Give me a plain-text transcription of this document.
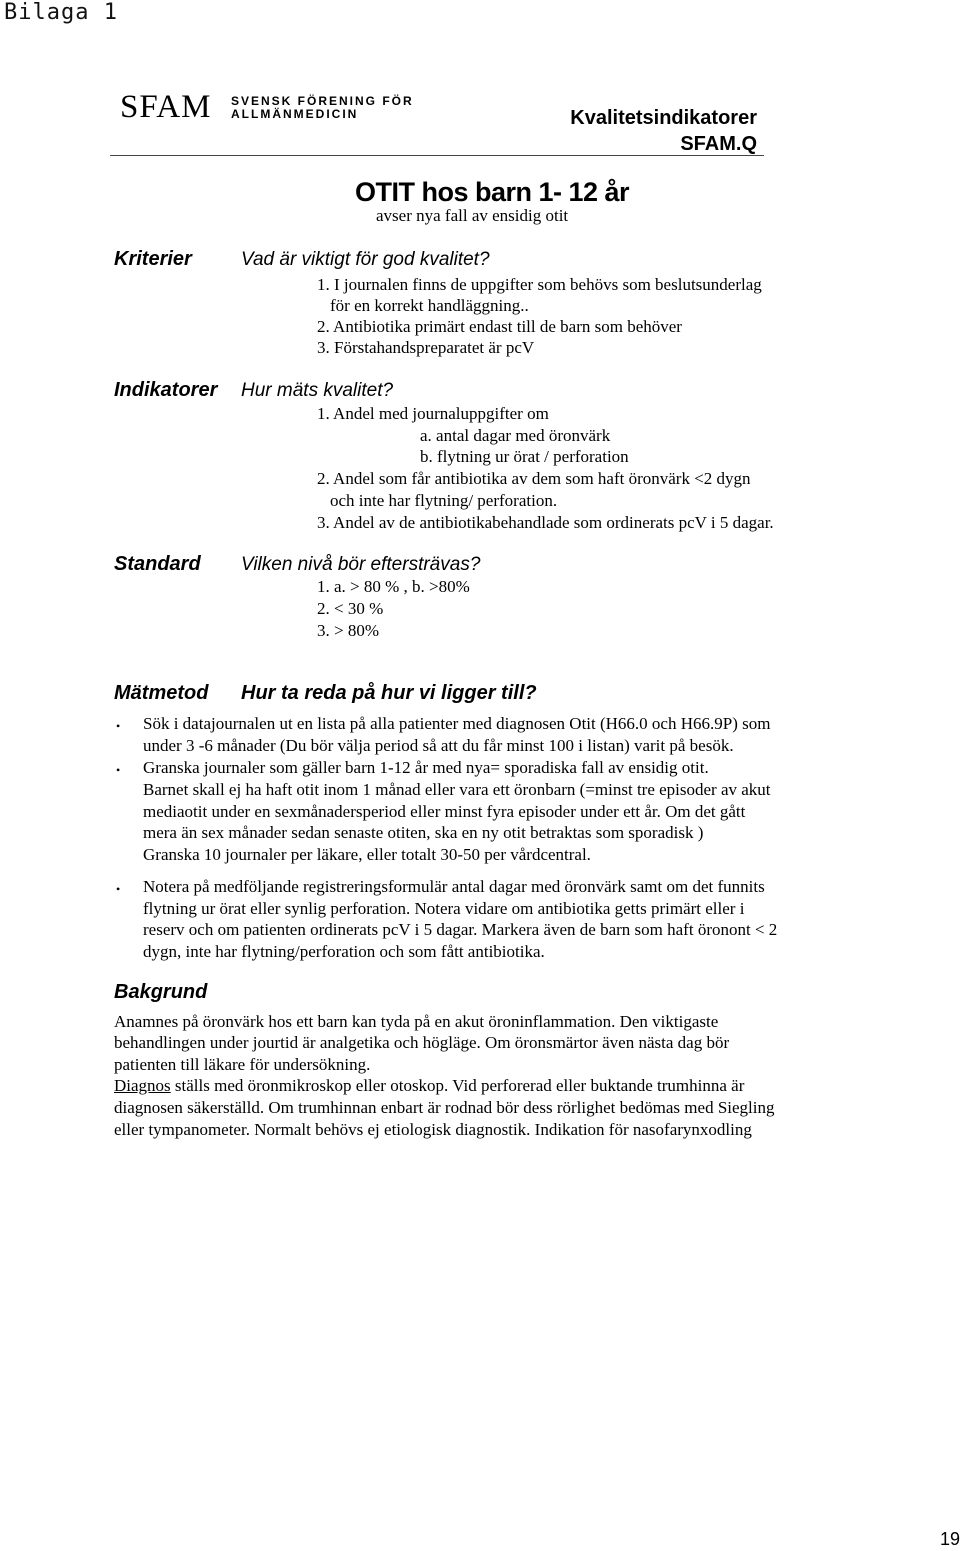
Bilaga 1
SFAM SVENSK FÖRENING FÖR
ALLMÄNMEDICIN	Kvalitetsindikatorer
SFAM.Q
OTIT hos barn 1- 12 år
avser nya fall av ensidig otit
Kriterier	Vad är viktigt för god kvalitet?
1. I journalen finns de uppgifter som behövs som beslutsunderlag
för en korrekt handläggning..
2. Antibiotika primärt endast till de barn som behöver
3. Förstahandspreparatet är pcV
Indikatorer Hur mäts kvalitet?
1. Andel med journaluppgifter om
a. antal dagar med öronvärk
b. flytning ur örat / perforation
2. Andel som får antibiotika av dem som haft öronvärk <2 dygn
och inte har flytning/ perforation.
3. Andel av de antibiotikabehandlade som ordinerats pcV i 5 dagar.
Standard Vilken nivå bör eftersträvas?
1. a. > 80 % , b. >80%
2. < 30 %
3. > 80%
Mätmetod Hur ta reda på hur vi ligger till?
• Sök i datajournalen ut en lista på alla patienter med diagnosen Otit (H66.0 och H66.9P) som
under 3 -6 månader (Du bör välja period så att du får minst 100 i listan) varit på besök.
• Granska journaler som gäller barn 1-12 år med nya= sporadiska fall av ensidig otit.
Barnet skall ej ha haft otit inom 1 månad eller vara ett öronbarn (=minst tre episoder av akut
mediaotit under en sexmånadersperiod eller minst fyra episoder under ett år. Om det gått
mera än sex månader sedan senaste otiten, ska en ny otit betraktas som sporadisk )
Granska 10 journaler per läkare, eller totalt 30-50 per vårdcentral.
• Notera på medföljande registreringsformulär antal dagar med öronvärk samt om det funnits
flytning ur örat eller synlig perforation. Notera vidare om antibiotika getts primärt eller i
reserv och om patienten ordinerats pcV i 5 dagar. Markera även de barn som haft öronont < 2
dygn, inte har flytning/perforation och som fått antibiotika.
Bakgrund
Anamnes på öronvärk hos ett barn kan tyda på en akut öroninflammation. Den viktigaste
behandlingen under jourtid är analgetika och högläge. Om öronsmärtor även nästa dag bör
patienten till läkare för undersökning.
Diagnos ställs med öronmikroskop eller otoskop. Vid perforerad eller buktande trumhinna är
diagnosen säkerställd. Om trumhinnan enbart är rodnad bör dess rörlighet bedömas med Siegling
eller tympanometer. Normalt behövs ej etiologisk diagnostik. Indikation för nasofarynxodling
19
